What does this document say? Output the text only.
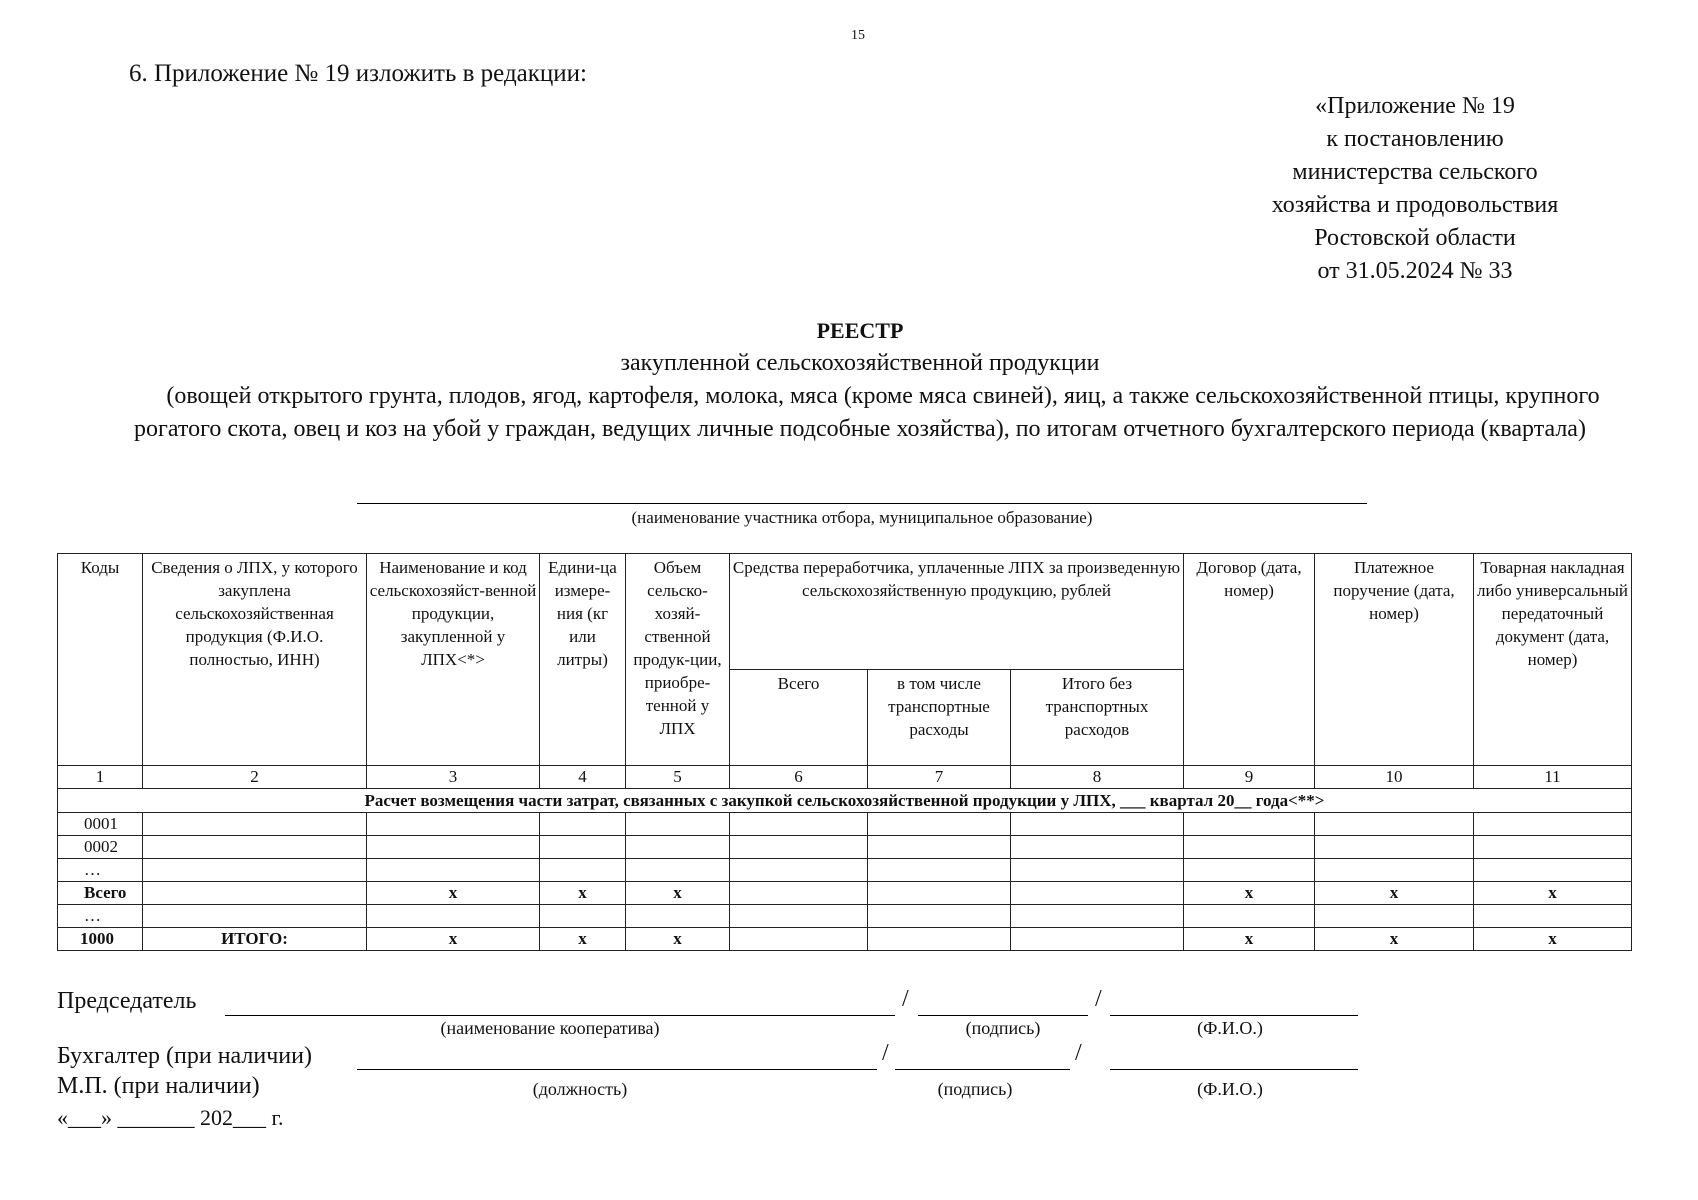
15
6. Приложение № 19 изложить в редакции:
«Приложение № 19
к постановлению
министерства сельского
хозяйства и продовольствия
Ростовской области
от 31.05.2024 № 33
РЕЕСТР
закупленной сельскохозяйственной продукции
(овощей открытого грунта, плодов, ягод, картофеля, молока, мяса (кроме мяса свиней), яиц, а также сельскохозяйственной птицы, крупного рогатого скота, овец и коз на убой у граждан, ведущих личные подсобные хозяйства), по итогам отчетного бухгалтерского периода (квартала)
(наименование участника отбора, муниципальное образование)
Коды	Сведения о ЛПХ, у которого закуплена сельскохозяйственная продукция (Ф.И.О. полностью, ИНН)	Наименование и код сельскохозяйст-венной продукции, закупленной у ЛПХ<*>	Едини-ца измере-ния (кг или литры)	Объем сельско-хозяй-ственной продук-ции, приобре-тенной у ЛПХ	Средства переработчика, уплаченные ЛПХ за произведенную сельскохозяйственную продукцию, рублей			Договор (дата, номер)	Платежное поручение (дата, номер)	Товарная накладная либо универсальный передаточный документ (дата, номер)
					Всего	в том числе транспортные расходы	Итого без транспортных расходов			
1	2	3	4	5	6	7	8	9	10	11
Расчет возмещения части затрат, связанных с закупкой сельскохозяйственной продукции у ЛПХ, ___ квартал 20__ года<**>										
0001										
0002										
…										
Всего		х	х	х				х	х	х
…										
1000	ИТОГО:	х	х	х				х	х	х
Председатель	/	/
(наименование кооператива)	(подпись)	(Ф.И.О.)
Бухгалтер (при наличии)	/	/
М.П. (при наличии)	(должность)	(подпись)	(Ф.И.О.)
«___» _______ 202___ г.
